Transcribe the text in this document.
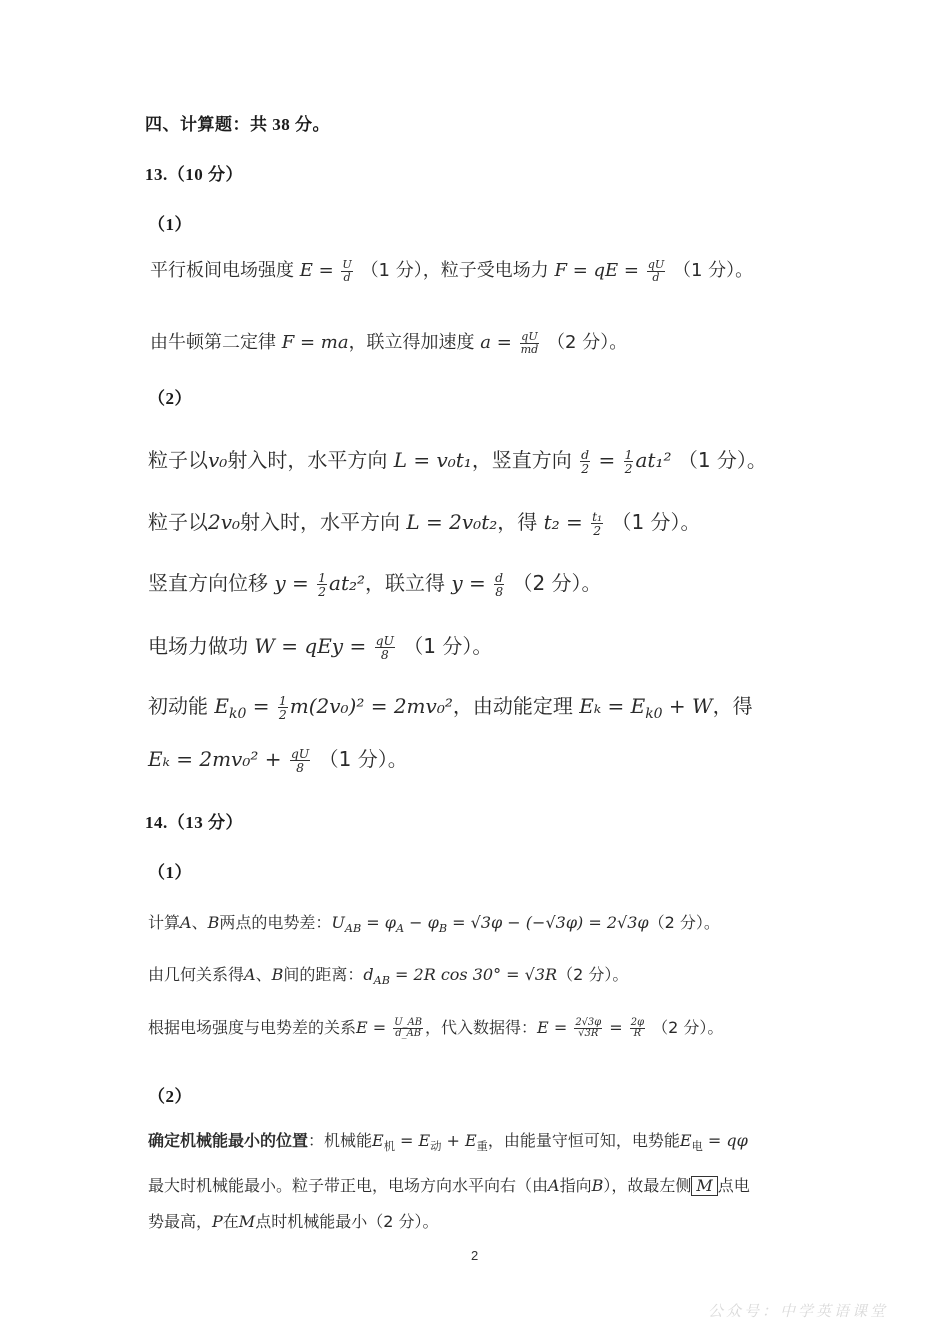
四、计算题：共 38 分。
13.（10 分）
（1）
平行板间电场强度 $E = \frac{U}{d} (1$ 分），粒子受电场力 F = qE = $\frac{qU}{d} (1$ 分）。
由牛顿第二定律 F = ma，联立得加速度 $a = \frac{qU}{md} (2$ 分）。
（2）
粒子以v₀射入时，水平方向 L = v₀t₁，竖直方向 $\frac{d}{2} = \frac{1}{2} at_1^2$ （1 分）。
粒子以2v₀射入时，水平方向 L = 2v₀t₂，得 $t_2 = \frac{\text{t₁}}{2} (1$ 分）。
竖直方向位移 $y = \frac{1}{2} at_2^2$，联立得 $y = \frac{d}{8} (2$ 分）。
电场力做功 W = qEy = $\frac{qU}{8} (1$ 分）。
初动能 $E_{k0} = \frac{1}{2} m(2v_0)^2 = 2mv_0^2$，由动能定理 $E_k = E_{k0} + W$，得
$E_k = 2mv_0^2 + \frac{qU}{8} (1$ 分）。
14.（13 分）
（1）
计算A、B两点的电势差：$U_{AB} = \varphi_A - \varphi_B = √3\varphi - (-√3\varphi) = 2√3\varphi(2$ 分）。
由几何关系得A、B间的距离：$d_{AB} = 2R$ cos 30° = √3R（2 分）。
根据电场强度与电势差的关系$E = \frac{U\_AB}{d\_AB}$ ，代入数据得：$E = \frac{2√3\varphi}{√3R} = \frac{2\varphi}{R} (2$ 分）。
（2）
确定机械能最小的位置：机械能$E_机 = E_动 + E_重$，由能量守恒可知，电势能$E_电 = q\varphi$
最大时机械能最小。粒子带正电，电场方向水平向右（由A指向B），故最左侧 M 点电
势最高，P在M点时机械能最小（2 分）。
2
公众号：中学英语课堂
